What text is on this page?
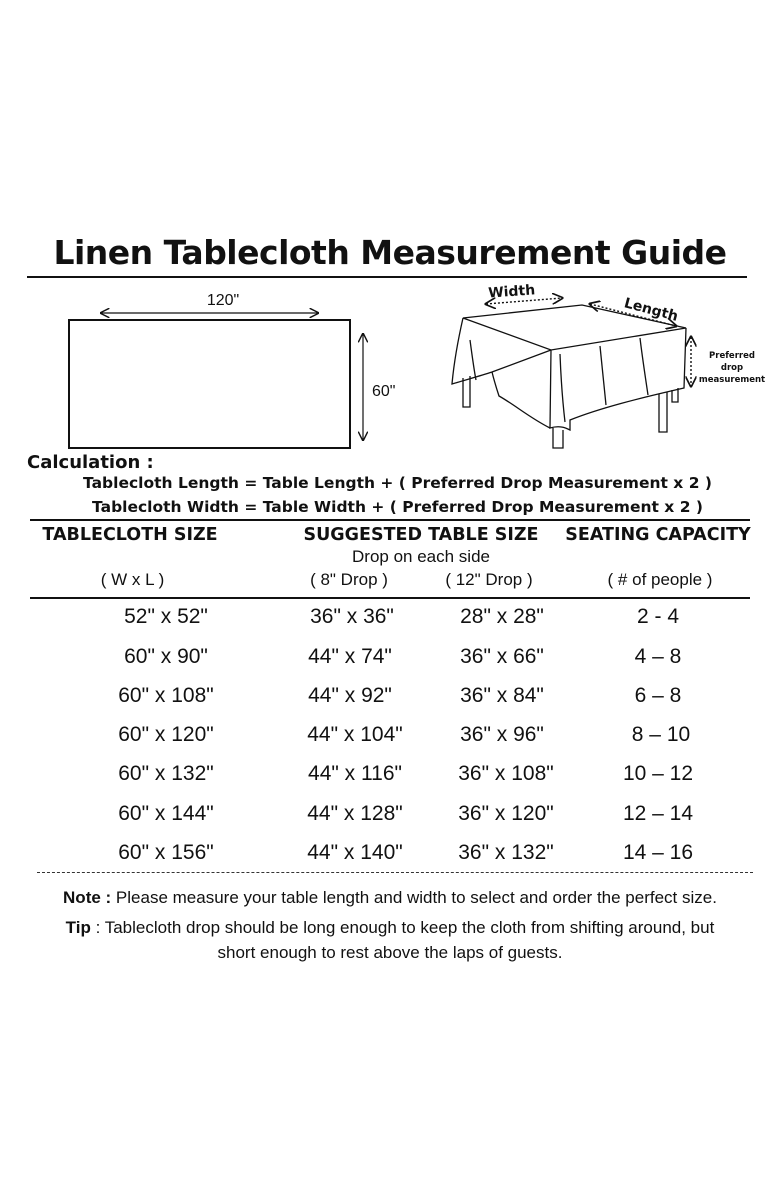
Linen Tablecloth Measurement Guide
120"
60"
Width
Length
Preferred
drop
measurement
Calculation :
Tablecloth Length = Table Length + ( Preferred Drop Measurement x 2 )
Tablecloth Width = Table Width + ( Preferred Drop Measurement x 2 )
TABLECLOTH SIZE	SUGGESTED TABLE SIZE	SEATING CAPACITY
Drop on each side
( W x L )	( 8" Drop )	( 12" Drop )	( # of people )
52" x 52"	36" x 36"	28" x 28"	2 - 4
60" x 90"	44" x 74"	36" x 66"	4 – 8
60" x 108"	44" x 92"	36" x 84"	6 – 8
60" x 120"	44" x 104"	36" x 96"	8 – 10
60" x 132"	44" x 116"	36" x 108"	10 – 12
60" x 144"	44" x 128"	36" x 120"	12 – 14
60" x 156"	44" x 140"	36" x 132"	14 – 16
Note : Please measure your table length and width to select and order the perfect size.
Tip : Tablecloth drop should be long enough to keep the cloth from shifting around, but
short enough to rest above the laps of guests.
